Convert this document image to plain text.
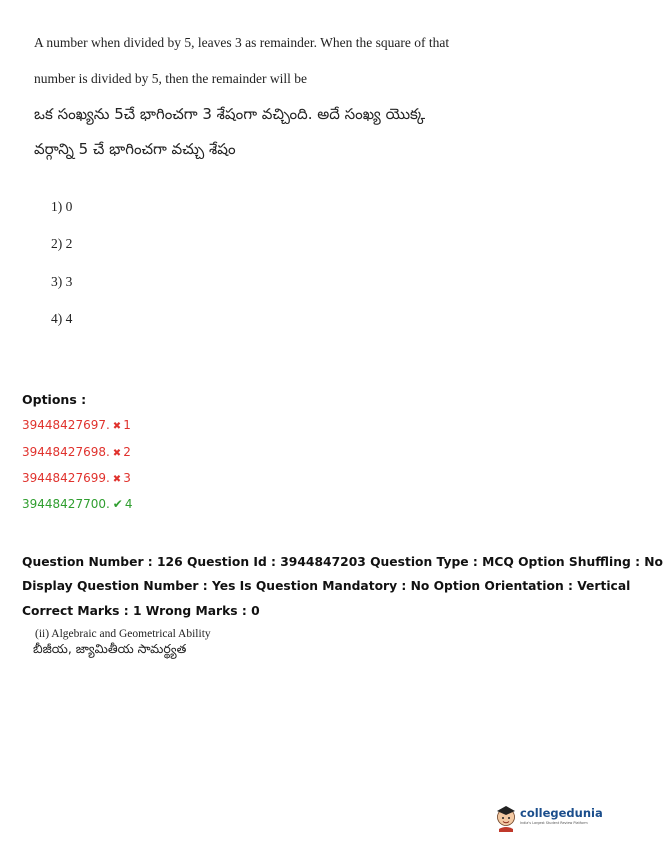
A number when divided by 5, leaves 3 as remainder. When the square of that
number is divided by 5, then the remainder will be
ఒక సంఖ్యను 5చే భాగించగా 3 శేషంగా వచ్చింది. అదే సంఖ్య యొక్క
వర్గాన్ని 5 చే భాగించగా వచ్చు శేషం
1) 0
2) 2
3) 3
4) 4
Options :
39448427697. ✖ 1
39448427698. ✖ 2
39448427699. ✖ 3
39448427700. ✔ 4
Question Number : 126 Question Id : 3944847203 Question Type : MCQ Option Shuffling : No
Display Question Number : Yes Is Question Mandatory : No Option Orientation : Vertical
Correct Marks : 1 Wrong Marks : 0
(ii) Algebraic and Geometrical Ability
బీజీయ, జ్యామితీయ సామర్థ్యత
collegedunia
India's Largest Student Review Platform
